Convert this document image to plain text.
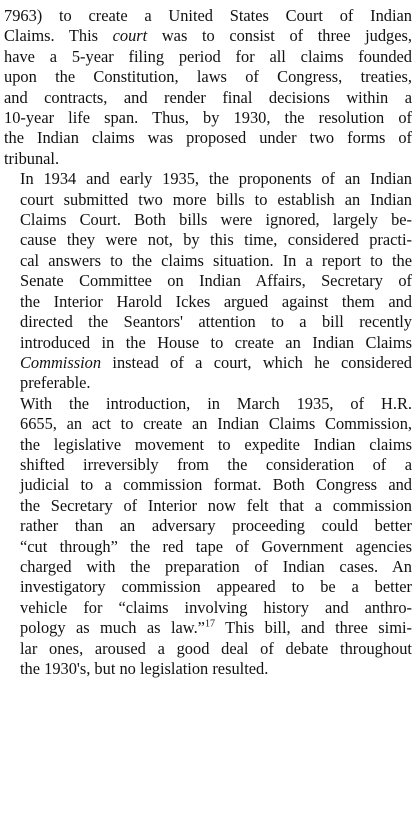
7963) to create a United States Court of Indian
Claims. This court was to consist of three judges,
have a 5-year filing period for all claims founded
upon the Constitution, laws of Congress, treaties,
and contracts, and render final decisions within a
10-year life span. Thus, by 1930, the resolution of
the Indian claims was proposed under two forms of
tribunal.
In 1934 and early 1935, the proponents of an Indian
court submitted two more bills to establish an Indian
Claims Court. Both bills were ignored, largely be-
cause they were not, by this time, considered practi-
cal answers to the claims situation. In a report to the
Senate Committee on Indian Affairs, Secretary of
the Interior Harold Ickes argued against them and
directed the Seantors' attention to a bill recently
introduced in the House to create an Indian Claims
Commission instead of a court, which he considered
preferable.
With the introduction, in March 1935, of H.R.
6655, an act to create an Indian Claims Commission,
the legislative movement to expedite Indian claims
shifted irreversibly from the consideration of a
judicial to a commission format. Both Congress and
the Secretary of Interior now felt that a commission
rather than an adversary proceeding could better
“cut through” the red tape of Government agencies
charged with the preparation of Indian cases. An
investigatory commission appeared to be a better
vehicle for “claims involving history and anthro-
pology as much as law.”$^{17}$ This bill, and three simi-
lar ones, aroused a good deal of debate throughout
the 1930's, but no legislation resulted.
